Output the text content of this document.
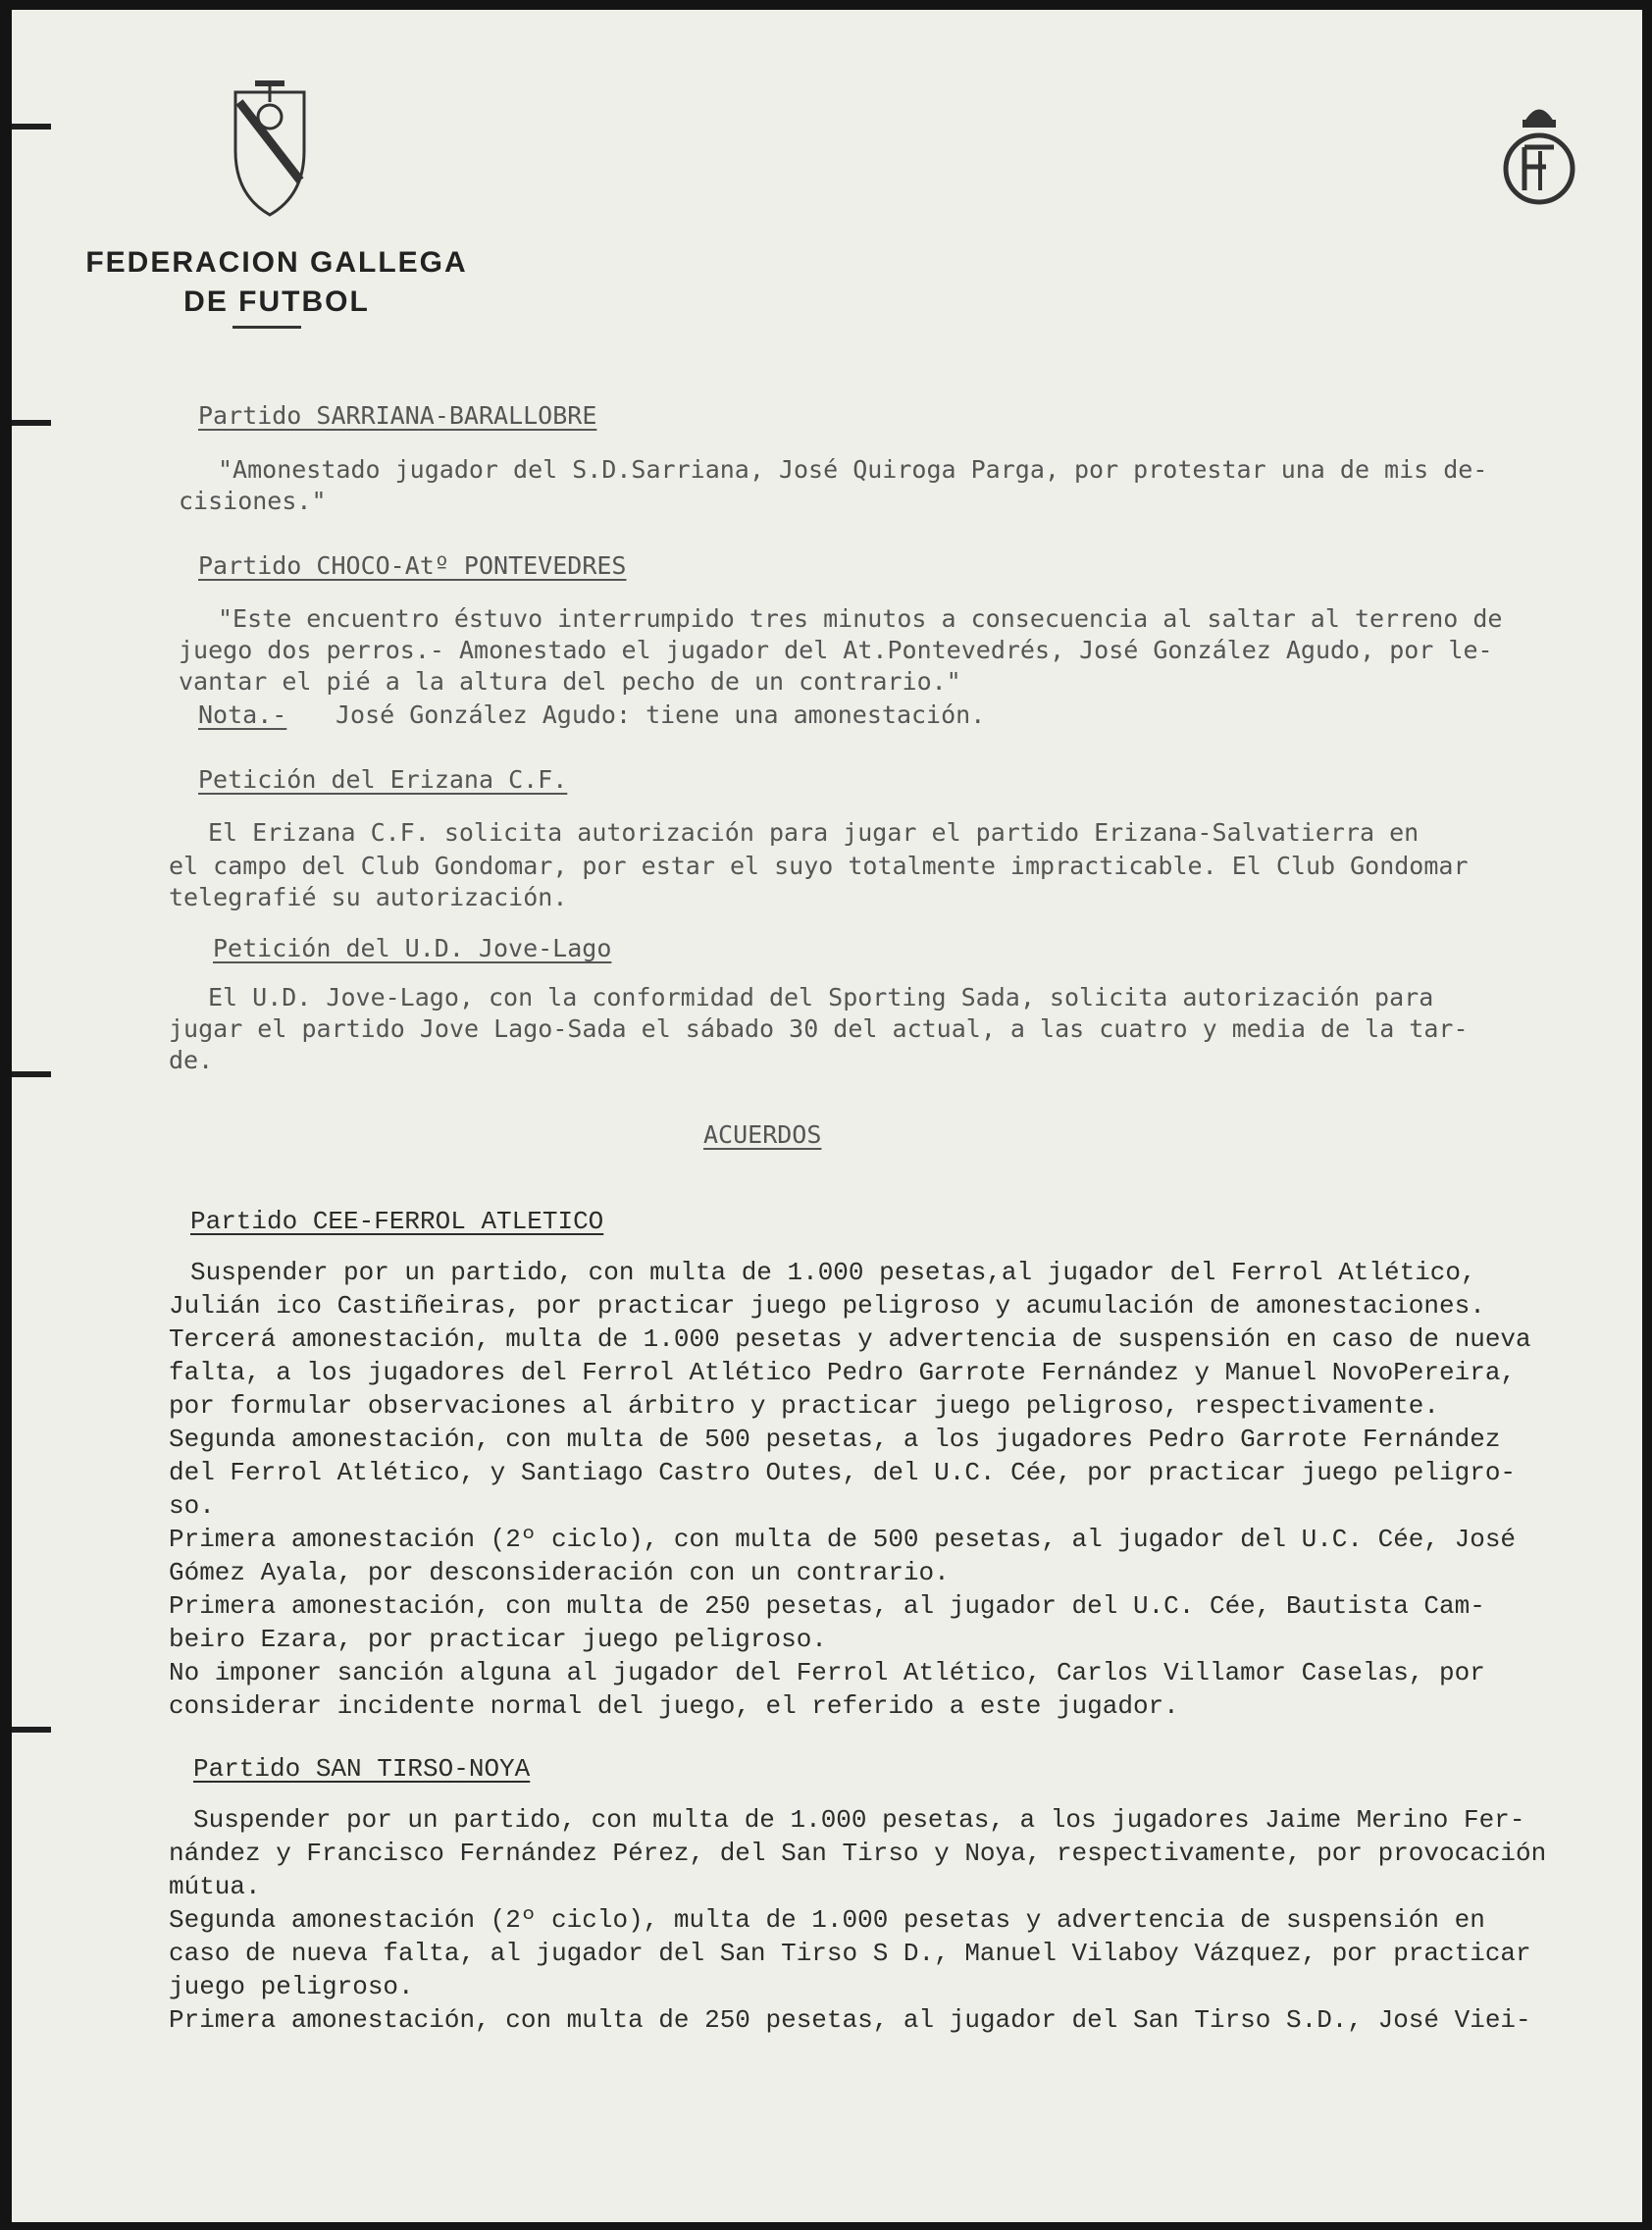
FEDERACION GALLEGA
DE FUTBOL
Partido SARRIANA-BARALLOBRE
"Amonestado jugador del S.D.Sarriana, José Quiroga Parga, por protestar una de mis de-
cisiones."
Partido CHOCO-Atº PONTEVEDRES
"Este encuentro éstuvo interrumpido tres minutos a consecuencia al saltar al terreno de
juego dos perros.- Amonestado el jugador del At.Pontevedrés, José González Agudo, por le-
vantar el pié a la altura del pecho de un contrario."
Nota.-	José González Agudo: tiene una amonestación.
Petición del Erizana C.F.
El Erizana C.F. solicita autorización para jugar el partido Erizana-Salvatierra en
el campo del Club Gondomar, por estar el suyo totalmente impracticable. El Club Gondomar
telegrafié su autorización.
Petición del U.D. Jove-Lago
El U.D. Jove-Lago, con la conformidad del Sporting Sada, solicita autorización para
jugar el partido Jove Lago-Sada el sábado 30 del actual, a las cuatro y media de la tar-
de.
ACUERDOS
Partido CEE-FERROL ATLETICO
Suspender por un partido, con multa de 1.000 pesetas,al jugador del Ferrol Atlético,
Julián ico Castiñeiras, por practicar juego peligroso y acumulación de amonestaciones.
Tercerá amonestación, multa de 1.000 pesetas y advertencia de suspensión en caso de nueva
falta, a los jugadores del Ferrol Atlético Pedro Garrote Fernández y Manuel NovoPereira,
por formular observaciones al árbitro y practicar juego peligroso, respectivamente.
Segunda amonestación, con multa de 500 pesetas, a los jugadores Pedro Garrote Fernández
del Ferrol Atlético, y Santiago Castro Outes, del U.C. Cée, por practicar juego peligro-
so.
Primera amonestación (2º ciclo), con multa de 500 pesetas, al jugador del U.C. Cée, José
Gómez Ayala, por desconsideración con un contrario.
Primera amonestación, con multa de 250 pesetas, al jugador del U.C. Cée, Bautista Cam-
beiro Ezara, por practicar juego peligroso.
No imponer sanción alguna al jugador del Ferrol Atlético, Carlos Villamor Caselas, por
considerar incidente normal del juego, el referido a este jugador.
Partido SAN TIRSO-NOYA
Suspender por un partido, con multa de 1.000 pesetas, a los jugadores Jaime Merino Fer-
nández y Francisco Fernández Pérez, del San Tirso y Noya, respectivamente, por provocación
mútua.
Segunda amonestación (2º ciclo), multa de 1.000 pesetas y advertencia de suspensión en
caso de nueva falta, al jugador del San Tirso S D., Manuel Vilaboy Vázquez, por practicar
juego peligroso.
Primera amonestación, con multa de 250 pesetas, al jugador del San Tirso S.D., José Viei-
